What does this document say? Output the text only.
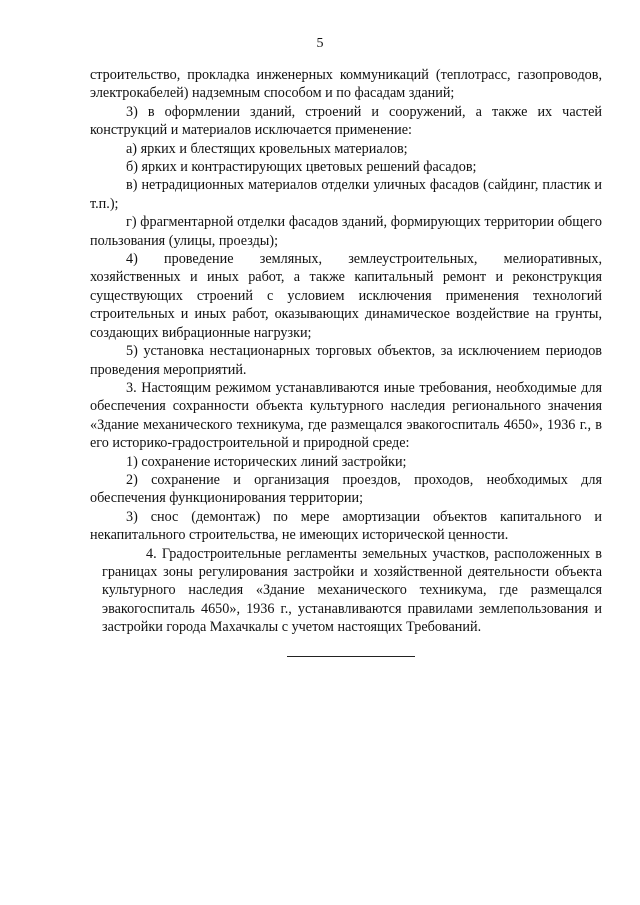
5

строительство, прокладка инженерных коммуникаций (теплотрасс, газопроводов, электрокабелей) надземным способом и по фасадам зданий;

3) в оформлении зданий, строений и сооружений, а также их частей конструкций и материалов исключается применение:

а) ярких и блестящих кровельных материалов;

б) ярких и контрастирующих цветовых решений фасадов;

в) нетрадиционных материалов отделки уличных фасадов (сайдинг, пластик и т.п.);

г) фрагментарной отделки фасадов зданий, формирующих территории общего пользования (улицы, проезды);

4) проведение земляных, землеустроительных, мелиоративных, хозяйственных и иных работ, а также капитальный ремонт и реконструкция существующих строений с условием исключения применения технологий строительных и иных работ, оказывающих динамическое воздействие на грунты, создающих вибрационные нагрузки;

5) установка нестационарных торговых объектов, за исключением периодов проведения мероприятий.

3. Настоящим режимом устанавливаются иные требования, необходимые для обеспечения сохранности объекта культурного наследия регионального значения «Здание механического техникума, где размещался эвакогоспиталь 4650», 1936 г., в его историко-градостроительной и природной среде:

1) сохранение исторических линий застройки;

2) сохранение и организация проездов, проходов, необходимых для обеспечения функционирования территории;

3) снос (демонтаж) по мере амортизации объектов капитального и некапитального строительства, не имеющих исторической ценности.

4. Градостроительные регламенты земельных участков, расположенных в границах зоны регулирования застройки и хозяйственной деятельности объекта культурного наследия «Здание механического техникума, где размещался эвакогоспиталь 4650», 1936 г., устанавливаются правилами землепользования и застройки города Махачкалы с учетом настоящих Требований.
